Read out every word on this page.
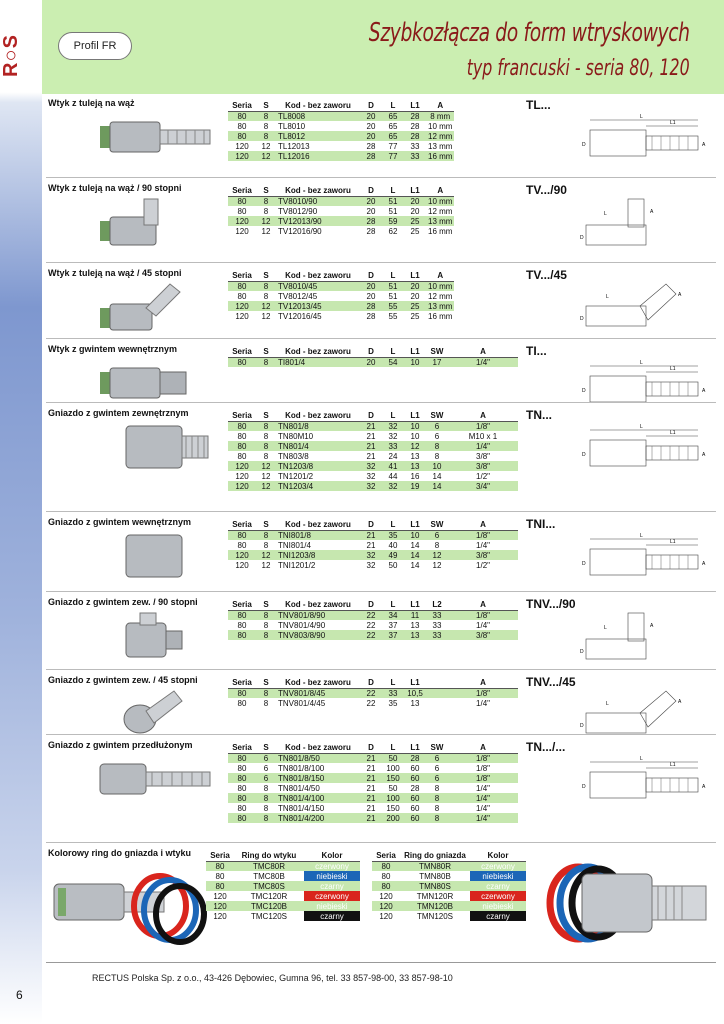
R○S	Profil FR	Szybkozłącza do form wtryskowych
typ francuski - seria 80, 120
Wtyk z tuleją na wąż	TL...
Seria	S	Kod - bez zaworu	D	L	L1	A
80	8	TL8008	20	65	28	8 mm
80	8	TL8010	20	65	28	10 mm
80	8	TL8012	20	65	28	12 mm
120	12	TL12013	28	77	33	13 mm
120	12	TL12016	28	77	33	16 mm
L
L1
D	A
Wtyk z tuleją na wąż / 90 stopni	TV.../90
Seria	S	Kod - bez zaworu	D	L	L1	A
80	8	TV8010/90	20	51	20	10 mm
80	8	TV8012/90	20	51	20	12 mm
120	12	TV12013/90	28	59	25	13 mm
120	12	TV12016/90	28	62	25	16 mm
L
D
A
Wtyk z tuleją na wąż / 45 stopni	TV.../45
Seria	S	Kod - bez zaworu	D	L	L1	A
80	8	TV8010/45	20	51	20	10 mm
80	8	TV8012/45	20	51	20	12 mm
120	12	TV12013/45	28	55	25	13 mm
120	12	TV12016/45	28	55	25	16 mm
L
D
A
Wtyk z gwintem wewnętrznym	TI...
Seria	S	Kod - bez zaworu	D	L	L1	SW	A
80	8	TI801/4	20	54	10	17	1/4"	L
L1
D	A
Gniazdo z gwintem zewnętrznym	TN...
Seria	S	Kod - bez zaworu	D	L	L1	SW	A
80	8	TN801/8	21	32	10	6	1/8"
80	8	TN80M10	21	32	10	6	M10 x 1
80	8	TN801/4	21	33	12	8	1/4"
80	8	TN803/8	21	24	13	8	3/8"
120	12	TN1203/8	32	41	13	10	3/8"
120	12	TN1201/2	32	44	16	14	1/2"
120	12	TN1203/4	32	32	19	14	3/4"
L
L1
D	A
Gniazdo z gwintem wewnętrznym	TNI...
Seria	S	Kod - bez zaworu	D	L	L1	SW	A
80	8	TNI801/8	21	35	10	6	1/8"
80	8	TNI801/4	21	40	14	8	1/4"
120	12	TNI1203/8	32	49	14	12	3/8"
120	12	TNI1201/2	32	50	14	12	1/2"
L
L1
D	A
Gniazdo z gwintem zew. / 90 stopni	TNV.../90
Seria	S	Kod - bez zaworu	D	L	L1	L2	A
80	8	TNV801/8/90	22	34	11	33	1/8"
80	8	TNV801/4/90	22	37	13	33	1/4"
80	8	TNV803/8/90	22	37	13	33	3/8"
L
D
A
Gniazdo z gwintem zew. / 45 stopni	TNV.../45
Seria	S	Kod - bez zaworu	D	L	L1		A
80	8	TNV801/8/45	22	33	10,5		1/8"
80	8	TNV801/4/45	22	35	13		1/4"	L
D
A
Gniazdo z gwintem przedłużonym	TN.../...
Seria	S	Kod - bez zaworu	D	L	L1	SW	A
80	6	TN801/8/50	21	50	28	6	1/8"
80	6	TN801/8/100	21	100	60	6	1/8"
80	6	TN801/8/150	21	150	60	6	1/8"
80	8	TN801/4/50	21	50	28	8	1/4"
80	8	TN801/4/100	21	100	60	8	1/4"
80	8	TN801/4/150	21	150	60	8	1/4"
80	8	TN801/4/200	21	200	60	8	1/4"
L
L1
D	A
Kolorowy ring do gniazda i wtyku Seria	Ring do wtyku	Kolor
80	TMC80R	czerwony
80	TMC80B	niebieski
80	TMC80S	czarny
120	TMC120R	czerwony
120	TMC120B	niebieski
120	TMC120S	czarny
Seria	Ring do gniazda	Kolor
80	TMN80R	czerwony
80	TMN80B	niebieski
80	TMN80S	czarny
120	TMN120R	czerwony
120	TMN120B	niebieski
120	TMN120S	czarny
RECTUS Polska Sp. z o.o., 43-426 Dębowiec, Gumna 96, tel. 33 857-98-00, 33 857-98-10
6
